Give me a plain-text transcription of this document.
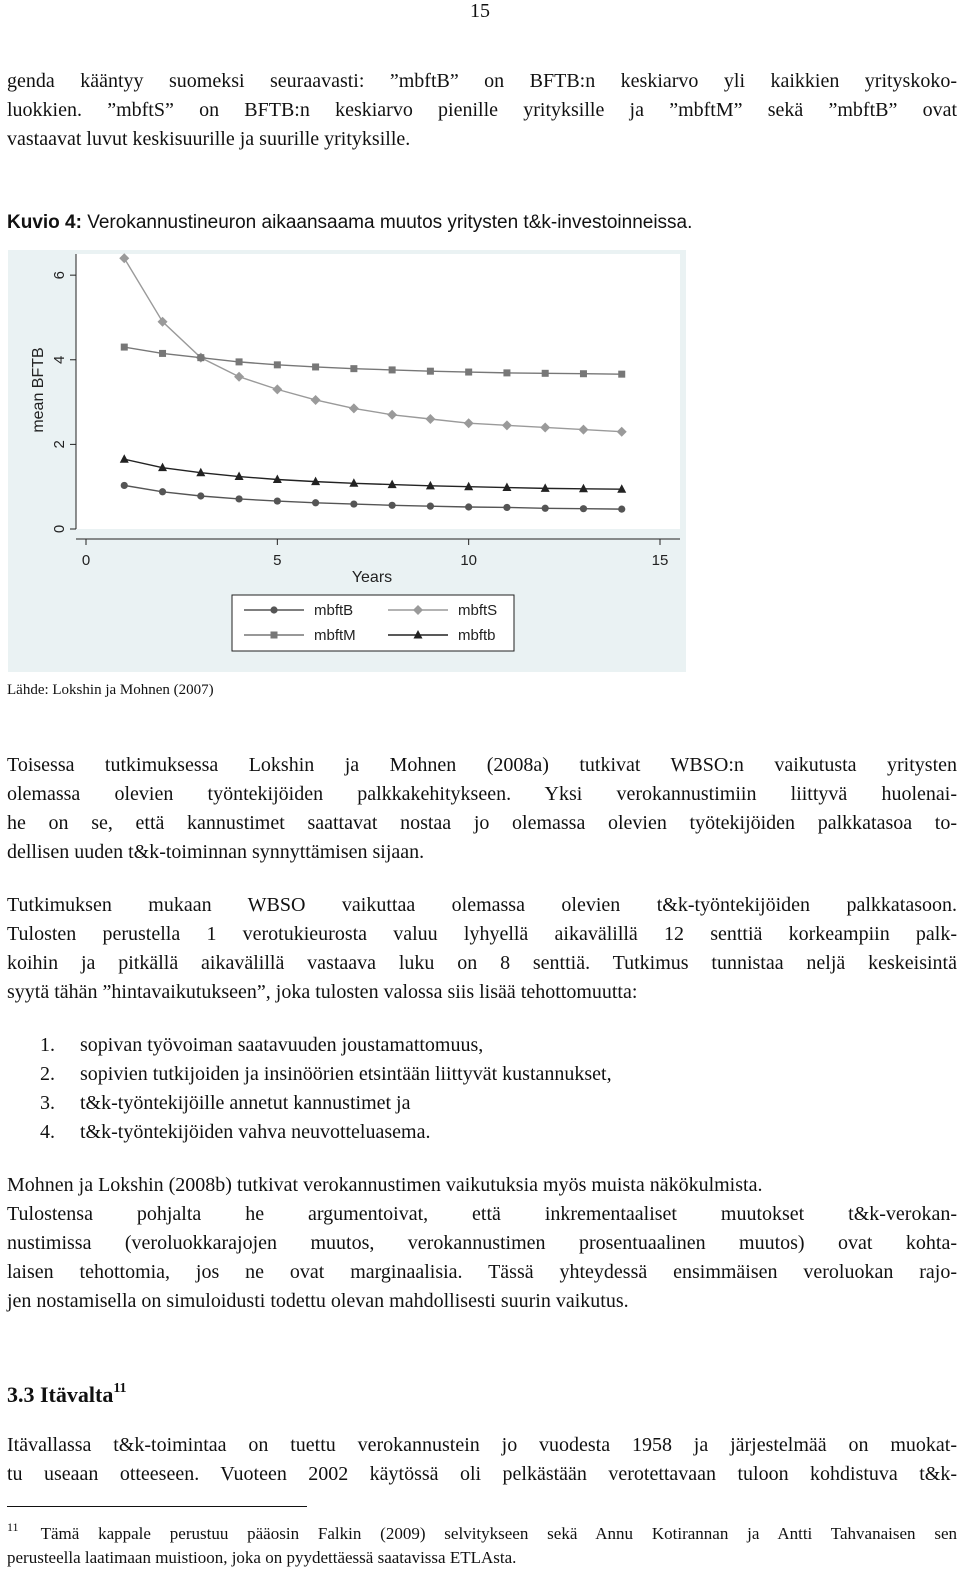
15
genda kääntyy suomeksi seuraavasti: ”mbftB” on BFTB:n keskiarvo yli kaikkien yrityskoko-
luokkien. ”mbftS” on BFTB:n keskiarvo pienille yrityksille ja ”mbftM” sekä ”mbftB” ovat
vastaavat luvut keskisuurille ja suurille yrityksille.
Kuvio 4: Verokannustineuron aikaansaama muutos yritysten t&k-investoinneissa.
mean BFTB
Years
0
2
4
6
0	5	10	15
mbftB	mbftS
mbftM	mbftb
Lähde: Lokshin ja Mohnen (2007)
Toisessa tutkimuksessa Lokshin ja Mohnen (2008a) tutkivat WBSO:n vaikutusta yritysten
olemassa olevien työntekijöiden palkkakehitykseen. Yksi verokannustimiin liittyvä huolenai-
he on se, että kannustimet saattavat nostaa jo olemassa olevien työtekijöiden palkkatasoa to-
dellisen uuden t&k-toiminnan synnyttämisen sijaan.
Tutkimuksen mukaan WBSO vaikuttaa olemassa olevien t&k-työntekijöiden palkkatasoon.
Tulosten perustella 1 verotukieurosta valuu lyhyellä aikavälillä 12 senttiä korkeampiin palk-
koihin ja pitkällä aikavälillä vastaava luku on 8 senttiä. Tutkimus tunnistaa neljä keskeisintä
syytä tähän ”hintavaikutukseen”, joka tulosten valossa siis lisää tehottomuutta:
1. sopivan työvoiman saatavuuden joustamattomuus,
2. sopivien tutkijoiden ja insinöörien etsintään liittyvät kustannukset,
3. t&k-työntekijöille annetut kannustimet ja
4. t&k-työntekijöiden vahva neuvotteluasema.
Mohnen ja Lokshin (2008b) tutkivat verokannustimen vaikutuksia myös muista näkökulmista.
Tulostensa pohjalta he argumentoivat, että inkrementaaliset muutokset t&k-verokan-
nustimissa (veroluokkarajojen muutos, verokannustimen prosentuaalinen muutos) ovat kohta-
laisen tehottomia, jos ne ovat marginaalisia. Tässä yhteydessä ensimmäisen veroluokan rajo-
jen nostamisella on simuloidusti todettu olevan mahdollisesti suurin vaikutus.
3.3 Itävalta$^{11}$
Itävallassa t&k-toimintaa on tuettu verokannustein jo vuodesta 1958 ja järjestelmää on muokat-
tu useaan otteeseen. Vuoteen 2002 käytössä oli pelkästään verotettavaan tuloon kohdistuva t&k-
$^{11}$ Tämä kappale perustuu pääosin Falkin (2009) selvitykseen sekä Annu Kotirannan ja Antti Tahvanaisen sen
perusteella laatimaan muistioon, joka on pyydettäessä saatavissa ETLAsta.
